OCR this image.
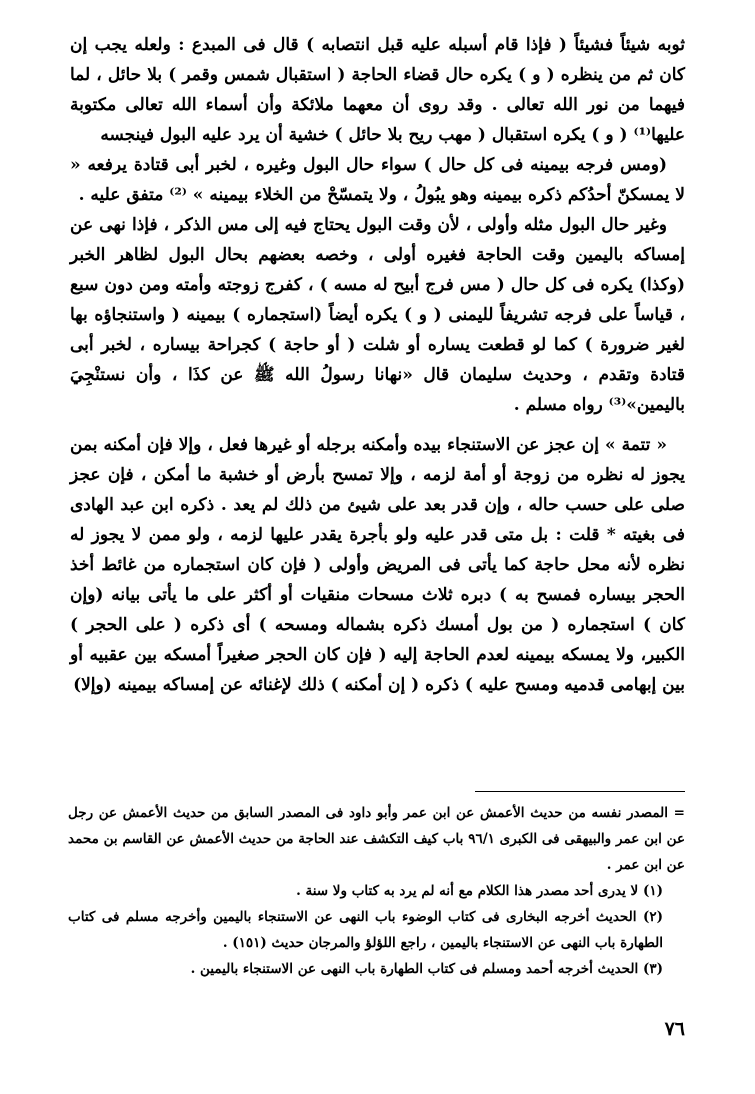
ثوبه شيئاً فشيئاً ( فإذا قام أسبله عليه قبل انتصابه ) قال فى المبدع : ولعله يجب إن كان ثم من ينظره ( و ) يكره حال قضاء الحاجة ( استقبال شمس وقمر ) بلا حائل ، لما فيهما من نور الله تعالى . وقد روى أن معهما ملائكة وأن أسماء الله تعالى مكتوبة عليها⁽¹⁾ ( و ) يكره استقبال ( مهب ريح بلا حائل ) خشية أن يرد عليه البول فينجسه

(ومس فرجه بيمينه فى كل حال ) سواء حال البول وغيره ، لخبر أبى قتادة يرفعه « لا يمسكنّ أحدُكم ذكره بيمينه وهو يبُولُ ، ولا يتمسّحْ من الخلاء بيمينه » ⁽²⁾ متفق عليه .

وغير حال البول مثله وأولى ، لأن وقت البول يحتاج فيه إلى مس الذكر ، فإذا نهى عن إمساكه باليمين وقت الحاجة فغيره أولى ، وخصه بعضهم بحال البول لظاهر الخبر (وكذا) يكره فى كل حال ( مس فرج أبيح له مسه ) ، كفرج زوجته وأمته ومن دون سبع ، قياساً على فرجه تشريفاً لليمنى ( و ) يكره أيضاً (استجماره ) بيمينه ( واستنجاؤه بها لغير ضرورة ) كما لو قطعت يساره أو شلت ( أو حاجة ) كجراحة بيساره ، لخبر أبى قتادة وتقدم ، وحديث سليمان قال «نهانا رسولُ الله ﷺ عن كذَا ، وأن نستنْجِيَ باليمين»⁽³⁾ رواه مسلم .

« تتمة » إن عجز عن الاستنجاء بيده وأمكنه برجله أو غيرها فعل ، وإلا فإن أمكنه بمن يجوز له نظره من زوجة أو أمة لزمه ، وإلا تمسح بأرض أو خشبة ما أمكن ، فإن عجز صلى على حسب حاله ، وإن قدر بعد على شيئ من ذلك لم يعد . ذكره ابن عبد الهادى فى بغيته * قلت : بل متى قدر عليه ولو بأجرة يقدر عليها لزمه ، ولو ممن لا يجوز له نظره لأنه محل حاجة كما يأتى فى المريض وأولى ( فإن كان استجماره من غائط أخذ الحجر بيساره فمسح به ) دبره ثلاث مسحات منقيات أو أكثر على ما يأتى بيانه (وإن كان ) استجماره ( من بول أمسك ذكره بشماله ومسحه ) أى ذكره ( على الحجر ) الكبير، ولا يمسكه بيمينه لعدم الحاجة إليه ( فإن كان الحجر صغيراً أمسكه بين عقبيه أو بين إبهامى قدميه ومسح عليه ) ذكره ( إن أمكنه ) ذلك لإغنائه عن إمساكه بيمينه (وإلا)

= المصدر نفسه من حديث الأعمش عن ابن عمر وأبو داود فى المصدر السابق من حديث الأعمش عن رجل عن ابن عمر والبيهقى فى الكبرى ٩٦/١ باب كيف التكشف عند الحاجة من حديث الأعمش عن القاسم بن محمد عن ابن عمر .

(١) لا يدرى أحد مصدر هذا الكلام مع أنه لم يرد به كتاب ولا سنة .

(٢) الحديث أخرجه البخارى فى كتاب الوضوء باب النهى عن الاستنجاء باليمين وأخرجه مسلم فى كتاب الطهارة باب النهى عن الاستنجاء باليمين ، راجع اللؤلؤ والمرجان حديث (١٥١) .

(٣) الحديث أخرجه أحمد ومسلم فى كتاب الطهارة باب النهى عن الاستنجاء باليمين .

٧٦
